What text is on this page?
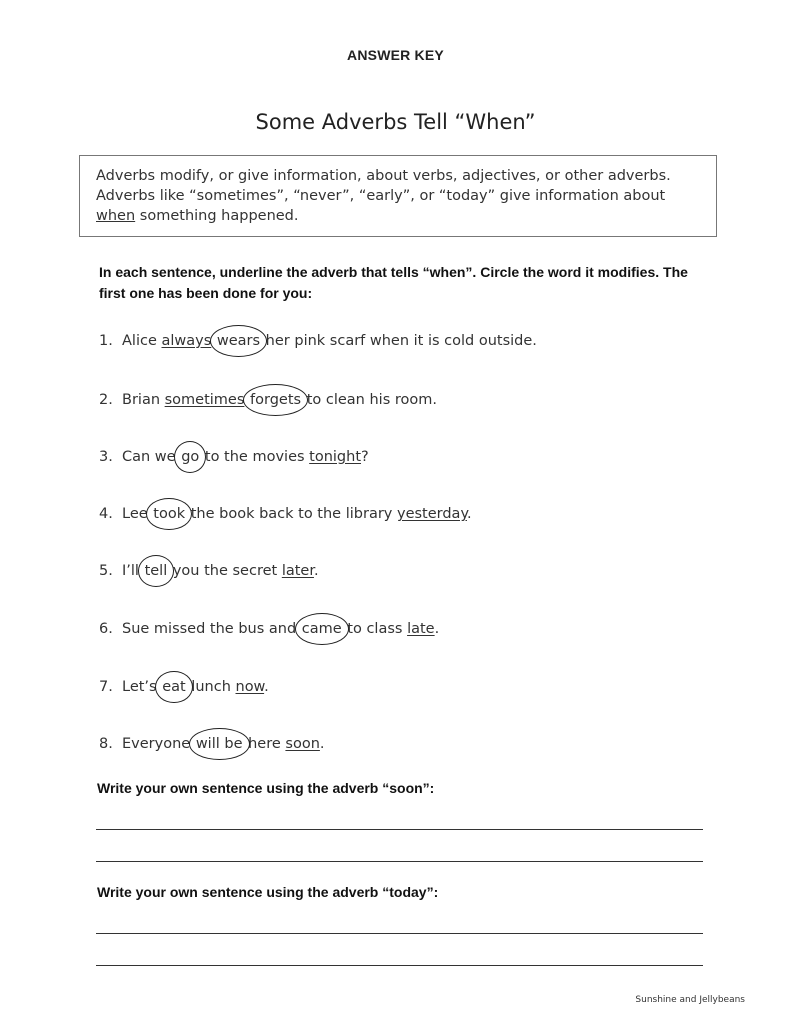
ANSWER KEY
Some Adverbs Tell “When”
Adverbs modify, or give information, about verbs, adjectives, or other adverbs.
Adverbs like “sometimes”, “never”, “early”, or “today” give information about
when something happened.
In each sentence, underline the adverb that tells “when”. Circle the word it modifies. The first one has been done for you:
1. Alice always wears her pink scarf when it is cold outside.
2. Brian sometimes forgets to clean his room.
3. Can we go to the movies tonight?
4. Lee took the book back to the library yesterday.
5. I’ll tell you the secret later.
6. Sue missed the bus and came to class late.
7. Let’s eat lunch now.
8. Everyone will be here soon.
Write your own sentence using the adverb “soon”:
Write your own sentence using the adverb “today”:
Sunshine and Jellybeans
